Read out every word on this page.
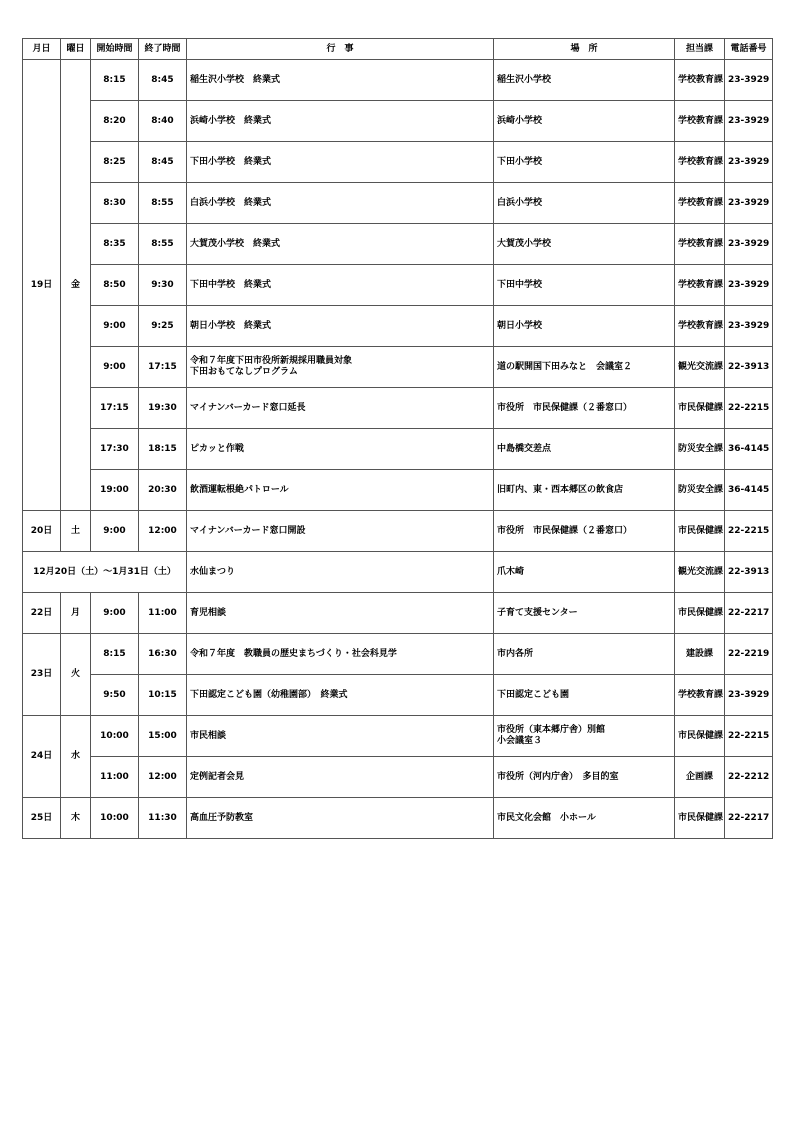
月日	曜日	開始時間	終了時間	行　事	場　所	担当課	電話番号
19日	金	8:15	8:45	稲生沢小学校　終業式	稲生沢小学校	学校教育課	23-3929
		8:20	8:40	浜崎小学校　終業式	浜崎小学校	学校教育課	23-3929
		8:25	8:45	下田小学校　終業式	下田小学校	学校教育課	23-3929
		8:30	8:55	白浜小学校　終業式	白浜小学校	学校教育課	23-3929
		8:35	8:55	大賀茂小学校　終業式	大賀茂小学校	学校教育課	23-3929
		8:50	9:30	下田中学校　終業式	下田中学校	学校教育課	23-3929
		9:00	9:25	朝日小学校　終業式	朝日小学校	学校教育課	23-3929
		9:00	17:15	令和７年度下田市役所新規採用職員対象
下田おもてなしプログラム	道の駅開国下田みなと　会議室２	観光交流課	22-3913
		17:15	19:30	マイナンバーカード窓口延長	市役所　市民保健課（２番窓口）	市民保健課	22-2215
		17:30	18:15	ピカッと作戦	中島橋交差点	防災安全課	36-4145
		19:00	20:30	飲酒運転根絶パトロール	旧町内、東・西本郷区の飲食店	防災安全課	36-4145
20日	土	9:00	12:00	マイナンバーカード窓口開設	市役所　市民保健課（２番窓口）	市民保健課	22-2215
12月20日（土）～1月31日（土）				水仙まつり	爪木崎	観光交流課	22-3913
22日	月	9:00	11:00	育児相談	子育て支援センター	市民保健課	22-2217
23日	火	8:15	16:30	令和７年度　教職員の歴史まちづくり・社会科見学	市内各所	建設課	22-2219
		9:50	10:15	下田認定こども園（幼稚園部）　終業式	下田認定こども園	学校教育課	23-3929
24日	水	10:00	15:00	市民相談	市役所（東本郷庁舎）別館
小会議室３	市民保健課	22-2215
		11:00	12:00	定例記者会見	市役所（河内庁舎）　多目的室	企画課	22-2212
25日	木	10:00	11:30	高血圧予防教室	市民文化会館　小ホール	市民保健課	22-2217
